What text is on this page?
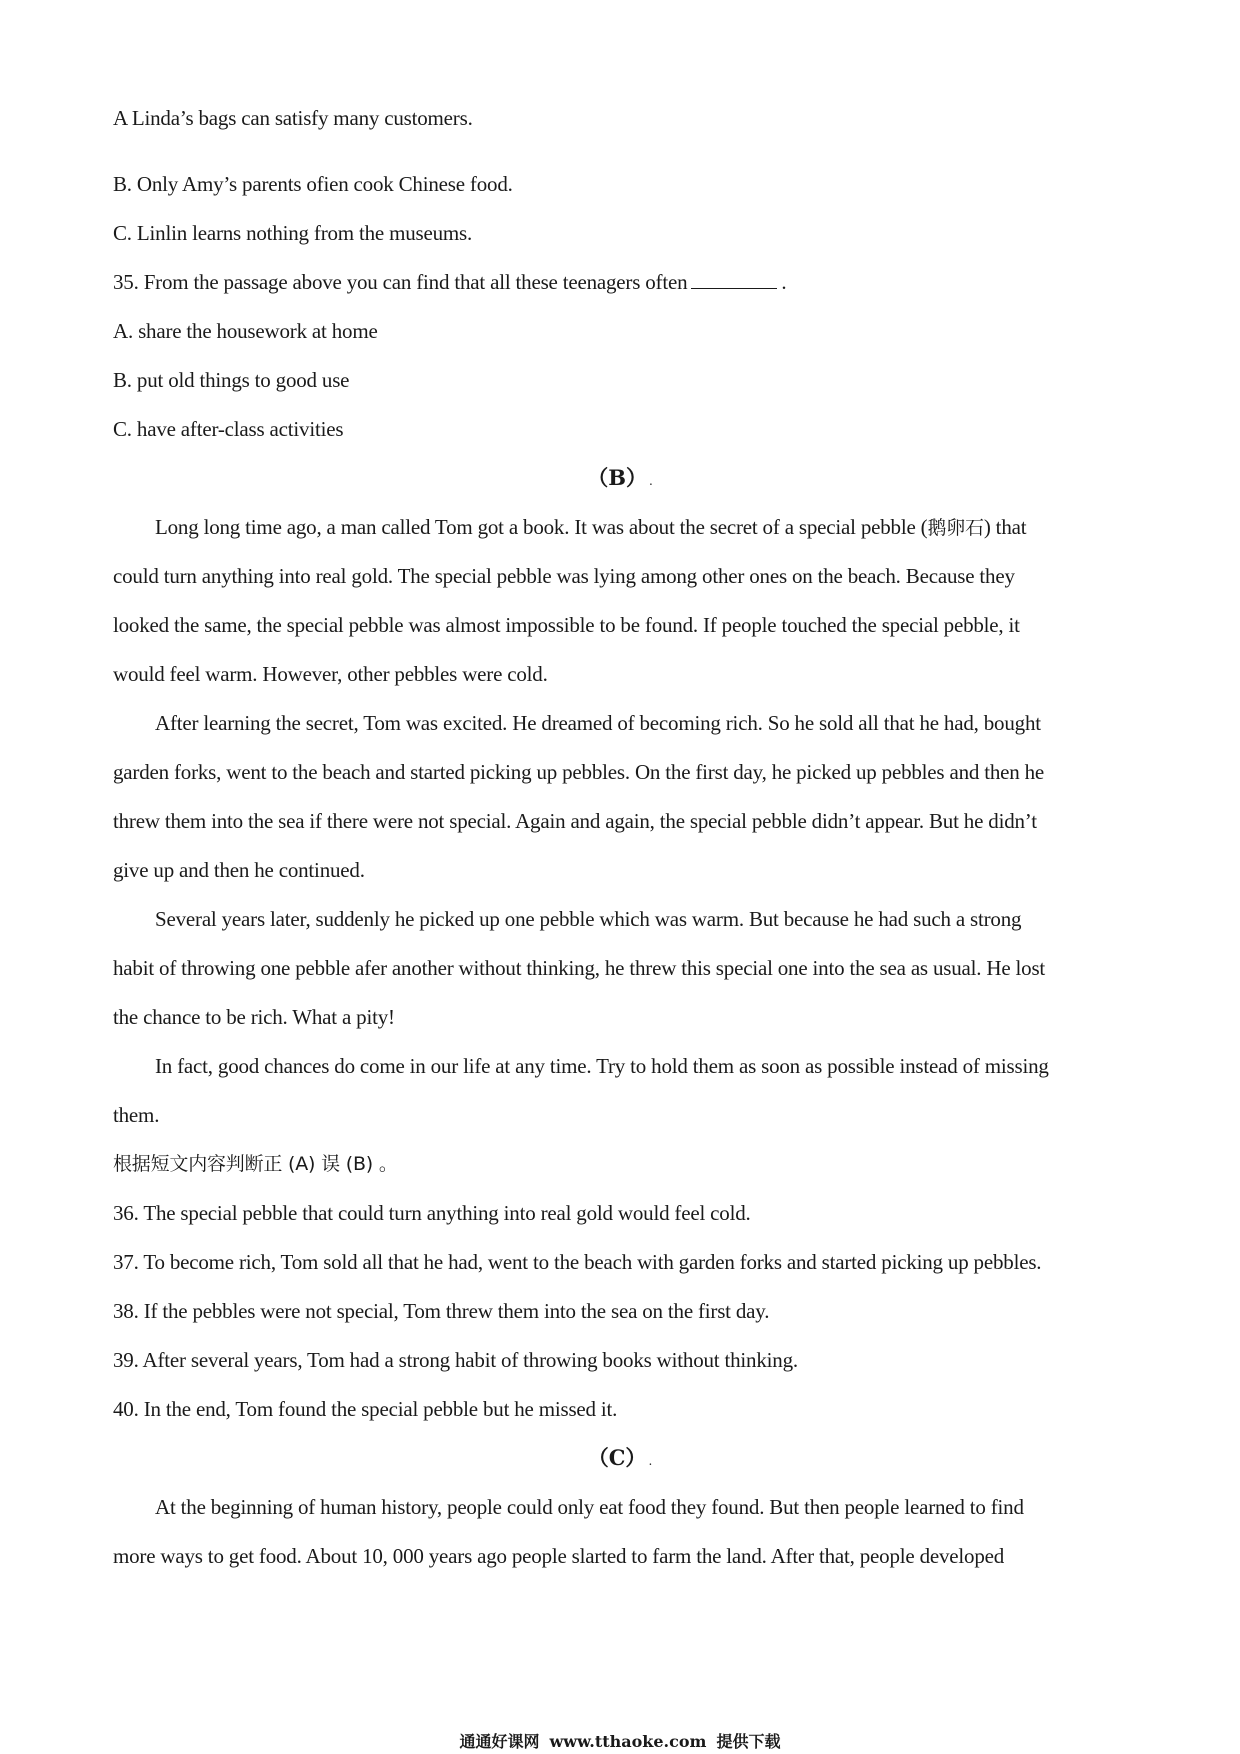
A Linda’s bags can satisfy many customers.
B. Only Amy’s parents ofien cook Chinese food.
C. Linlin learns nothing from the museums.
35. From the passage above you can find that all these teenagers often	.
A. share the housework at home
B. put old things to good use
C. have after-class activities
（B） .
Long long time ago, a man called Tom got a book. It was about the secret of a special pebble (鹅卵石) that
could turn anything into real gold. The special pebble was lying among other ones on the beach. Because they
looked the same, the special pebble was almost impossible to be found. If people touched the special pebble, it
would feel warm. However, other pebbles were cold.
After learning the secret, Tom was excited. He dreamed of becoming rich. So he sold all that he had, bought
garden forks, went to the beach and started picking up pebbles. On the first day, he picked up pebbles and then he
threw them into the sea if there were not special. Again and again, the special pebble didn’t appear. But he didn’t
give up and then he continued.
Several years later, suddenly he picked up one pebble which was warm. But because he had such a strong
habit of throwing one pebble afer another without thinking, he threw this special one into the sea as usual. He lost
the chance to be rich. What a pity!
In fact, good chances do come in our life at any time. Try to hold them as soon as possible instead of missing
them.
根据短文内容判断正 (A) 误 (B) 。
36. The special pebble that could turn anything into real gold would feel cold.
37. To become rich, Tom sold all that he had, went to the beach with garden forks and started picking up pebbles.
38. If the pebbles were not special, Tom threw them into the sea on the first day.
39. After several years, Tom had a strong habit of throwing books without thinking.
40. In the end, Tom found the special pebble but he missed it.
（C） .
At the beginning of human history, people could only eat food they found. But then people learned to find
more ways to get food. About 10, 000 years ago people slarted to farm the land. After that, people developed
通通好课网 www.tthaoke.com 提供下载
